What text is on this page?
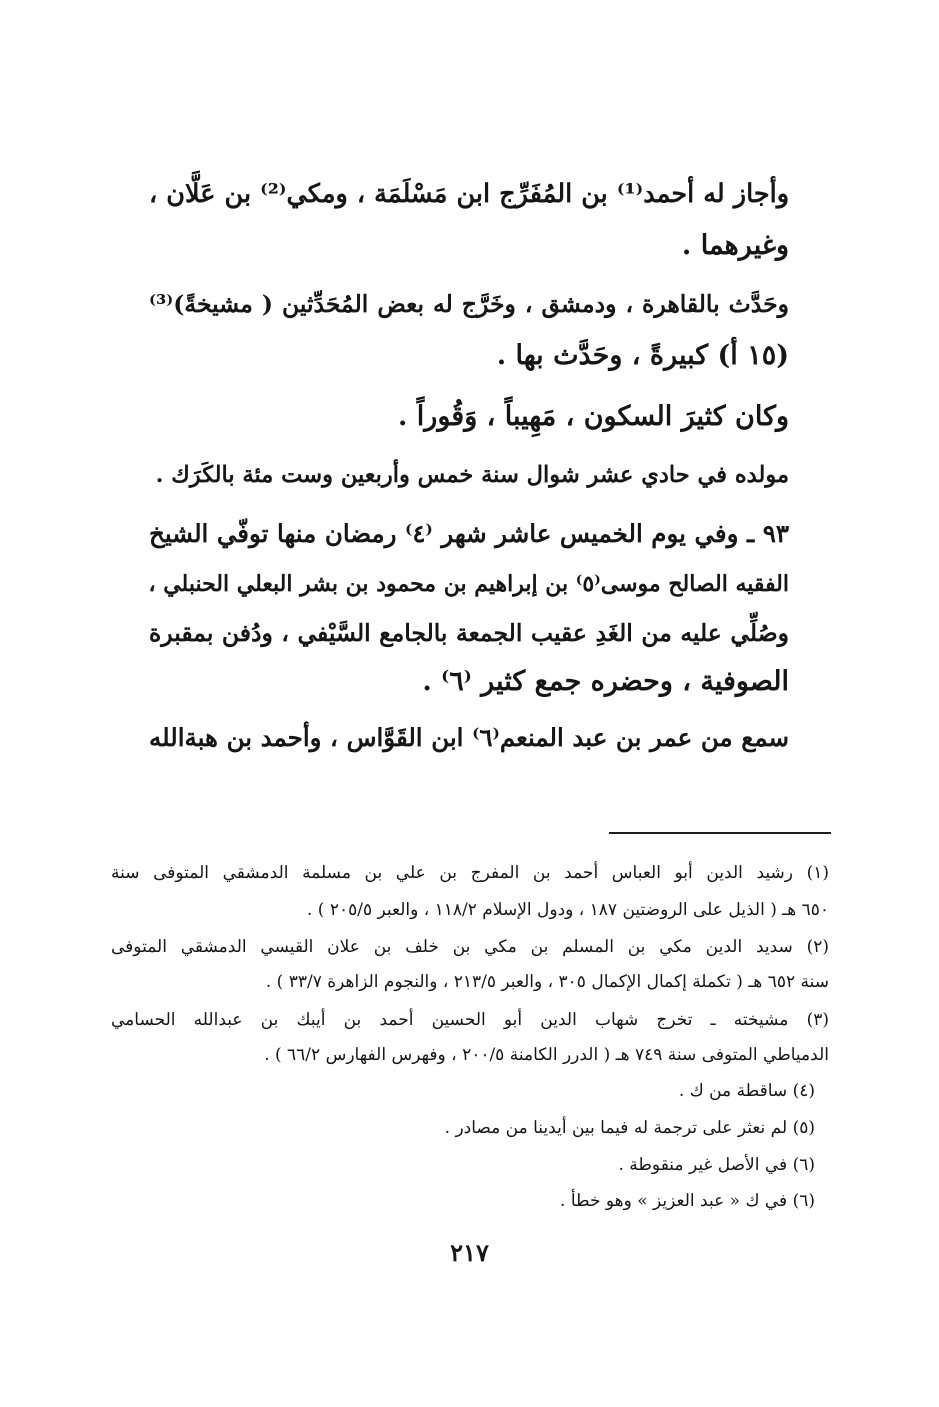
وأجاز له أحمد⁽¹⁾ بن المُفَرِّج ابن مَسْلَمَة ، ومكي⁽²⁾ بن عَلَّان ،
وغيرهما .
وحَدَّث بالقاهرة ، ودمشق ، وخَرَّج له بعض المُحَدِّثين ( مشيخةً)⁽³⁾
(١٥ أ) كبيرةً ، وحَدَّث بها .
وكان كثيرَ السكون ، مَهِيباً ، وَقُوراً .
مولده في حادي عشر شوال سنة خمس وأربعين وست مئة بالكَرَك .
٩٣ ـ وفي يوم الخميس عاشر شهر ⁽٤⁾ رمضان منها توفّي الشيخ
الفقيه الصالح موسى⁽٥⁾ بن إبراهيم بن محمود بن بشر البعلي الحنبلي ،
وصُلِّي عليه من الغَدِ عقيب الجمعة بالجامع السَّيْفي ، ودُفن بمقبرة
الصوفية ، وحضره جمع كثير ⁽٦⁾ .
سمع من عمر بن عبد المنعم⁽٦⁾ ابن القَوَّاس ، وأحمد بن هبةالله
(١) رشيد الدين أبو العباس أحمد بن المفرج بن علي بن مسلمة الدمشقي المتوفى سنة
٦٥٠ هـ ( الذيل على الروضتين ١٨٧ ، ودول الإسلام ١١٨/٢ ، والعبر ٢٠٥/٥ ) .
(٢) سديد الدين مكي بن المسلم بن مكي بن خلف بن علان القيسي الدمشقي المتوفى
سنة ٦٥٢ هـ ( تكملة إكمال الإكمال ٣٠٥ ، والعبر ٢١٣/٥ ، والنجوم الزاهرة ٣٣/٧ ) .
(٣) مشيخته ـ تخرج شهاب الدين أبو الحسين أحمد بن أيبك بن عبدالله الحسامي
الدمياطي المتوفى سنة ٧٤٩ هـ ( الدرر الكامنة ٢٠٠/٥ ، وفهرس الفهارس ٦٦/٢ ) .
(٤) ساقطة من ك .
(٥) لم نعثر على ترجمة له فيما بين أيدينا من مصادر .
(٦) في الأصل غير منقوطة .
(٦) في ك « عبد العزيز » وهو خطأ .
٢١٧
